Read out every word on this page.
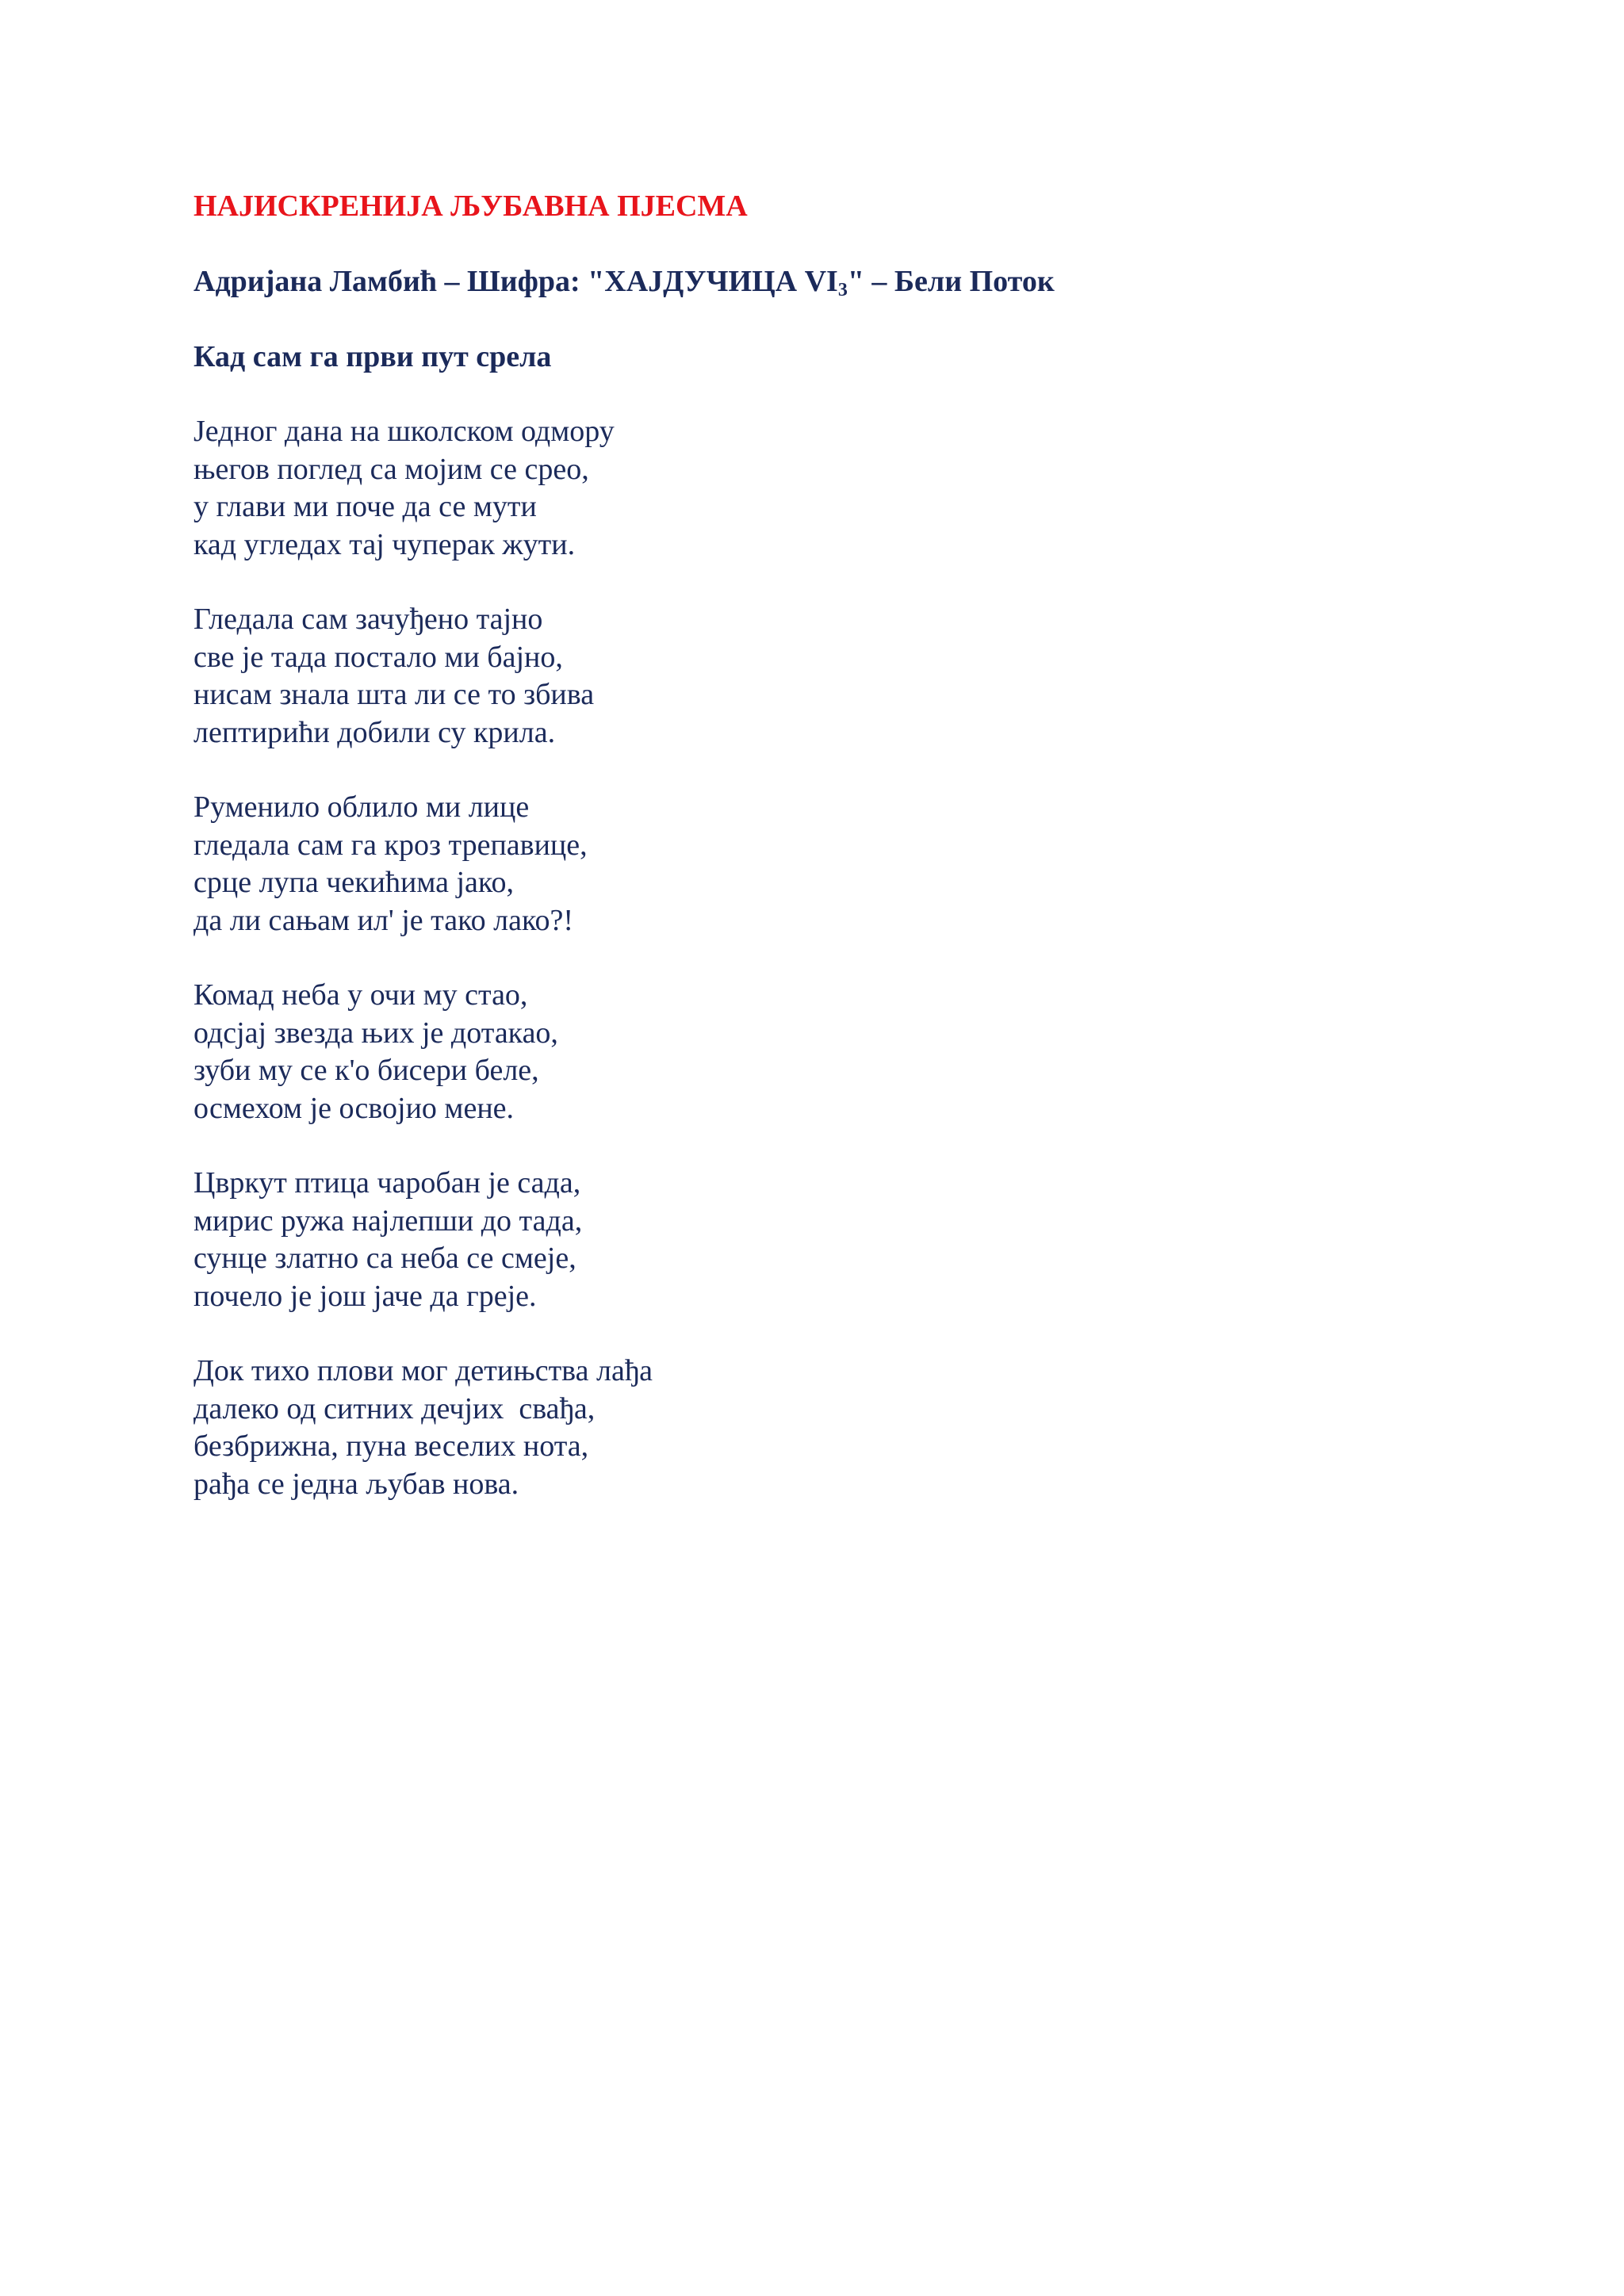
НАЈИСКРЕНИЈА ЉУБАВНА ПЈЕСМА
Адријана Ламбић – Шифра: "ХАЈДУЧИЦА $VI_3$" – Бели Поток
Кад сам га први пут срела
Једног дана на школском одмору
његов поглед са мојим се срео,
у глави ми поче да се мути
кад угледах тај чуперак жути.
Гледала сам зачуђено тајно
све је тада постало ми бајно,
нисам знала шта ли се то збива
лептирићи добили су крила.
Руменило облило ми лице
гледала сам га кроз трепавице,
срце лупа чекићима јако,
да ли сањам ил' је тако лако?!
Комад неба у очи му стао,
одсјај звезда њих је дотакао,
зуби му се к'о бисери беле,
осмехом је освојио мене.
Цвркут птица чаробан је сада,
мирис ружа најлепши до тада,
сунце златно са неба се смеје,
почело је још јаче да греје.
Док тихо плови мог детињства лађа
далеко од ситних дечјих  свађа,
безбрижна, пуна веселих нота,
рађа се једна љубав нова.
